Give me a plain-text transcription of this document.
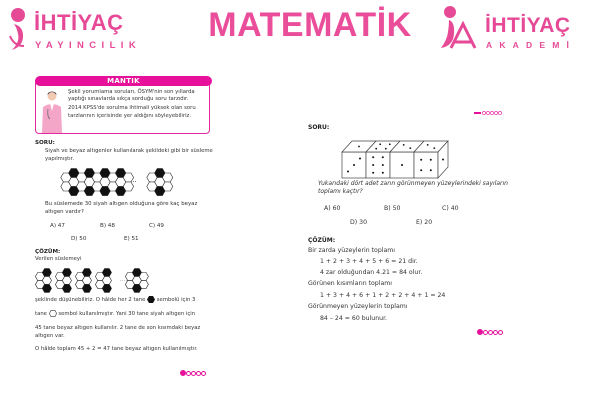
İHTİYAÇ
YAYINCILIK
MATEMATİK	İHTİYAÇ
AKADEMİ
MANTIK

Şekil yorumlama soruları, ÖSYM'nin son yıllarda yaptığı sınavlarda sıkça sorduğu soru tarzıdır.

2014 KPSS'de sorulma ihtimali yüksek olan soru tarzlarının içerisinde yer aldığını söyleyebiliriz.

SORU:
Siyah ve beyaz altıgenler kullanılarak şekildeki gibi bir süsleme yapılmıştır.
...
Bu süslemede 30 siyah altıgen olduğuna göre kaç beyaz altıgen vardır?
A) 47	B) 48	C) 49
D) 50	E) 51
ÇÖZÜM:
Verilen süslemeyi
şeklinde düşünebiliriz. O hâlde her 2 tane sembolü için 3
tane sembol kullanılmıştır. Yani 30 tane siyah altıgen için
45 tane beyaz altıgen kullanılır. 2 tane de son kısımdaki beyaz altıgen var.
O hâlde toplam 45 + 2 = 47 tane beyaz altıgen kullanılmıştır.
SORU:
Yukarıdaki dört adet zarın görünmeyen yüzeylerindeki sayıların toplamı kaçtır?
A) 60	B) 50	C) 40
D) 30	E) 20
ÇÖZÜM:
Bir zarda yüzeylerin toplamı
1 + 2 + 3 + 4 + 5 + 6 = 21 dir.
4 zar olduğundan 4.21 = 84 olur.
Görünen kısımların toplamı
1 + 3 + 4 + 6 + 1 + 2 + 2 + 4 + 1 = 24
Görünmeyen yüzeylerin toplamı
84 – 24 = 60 bulunur.
